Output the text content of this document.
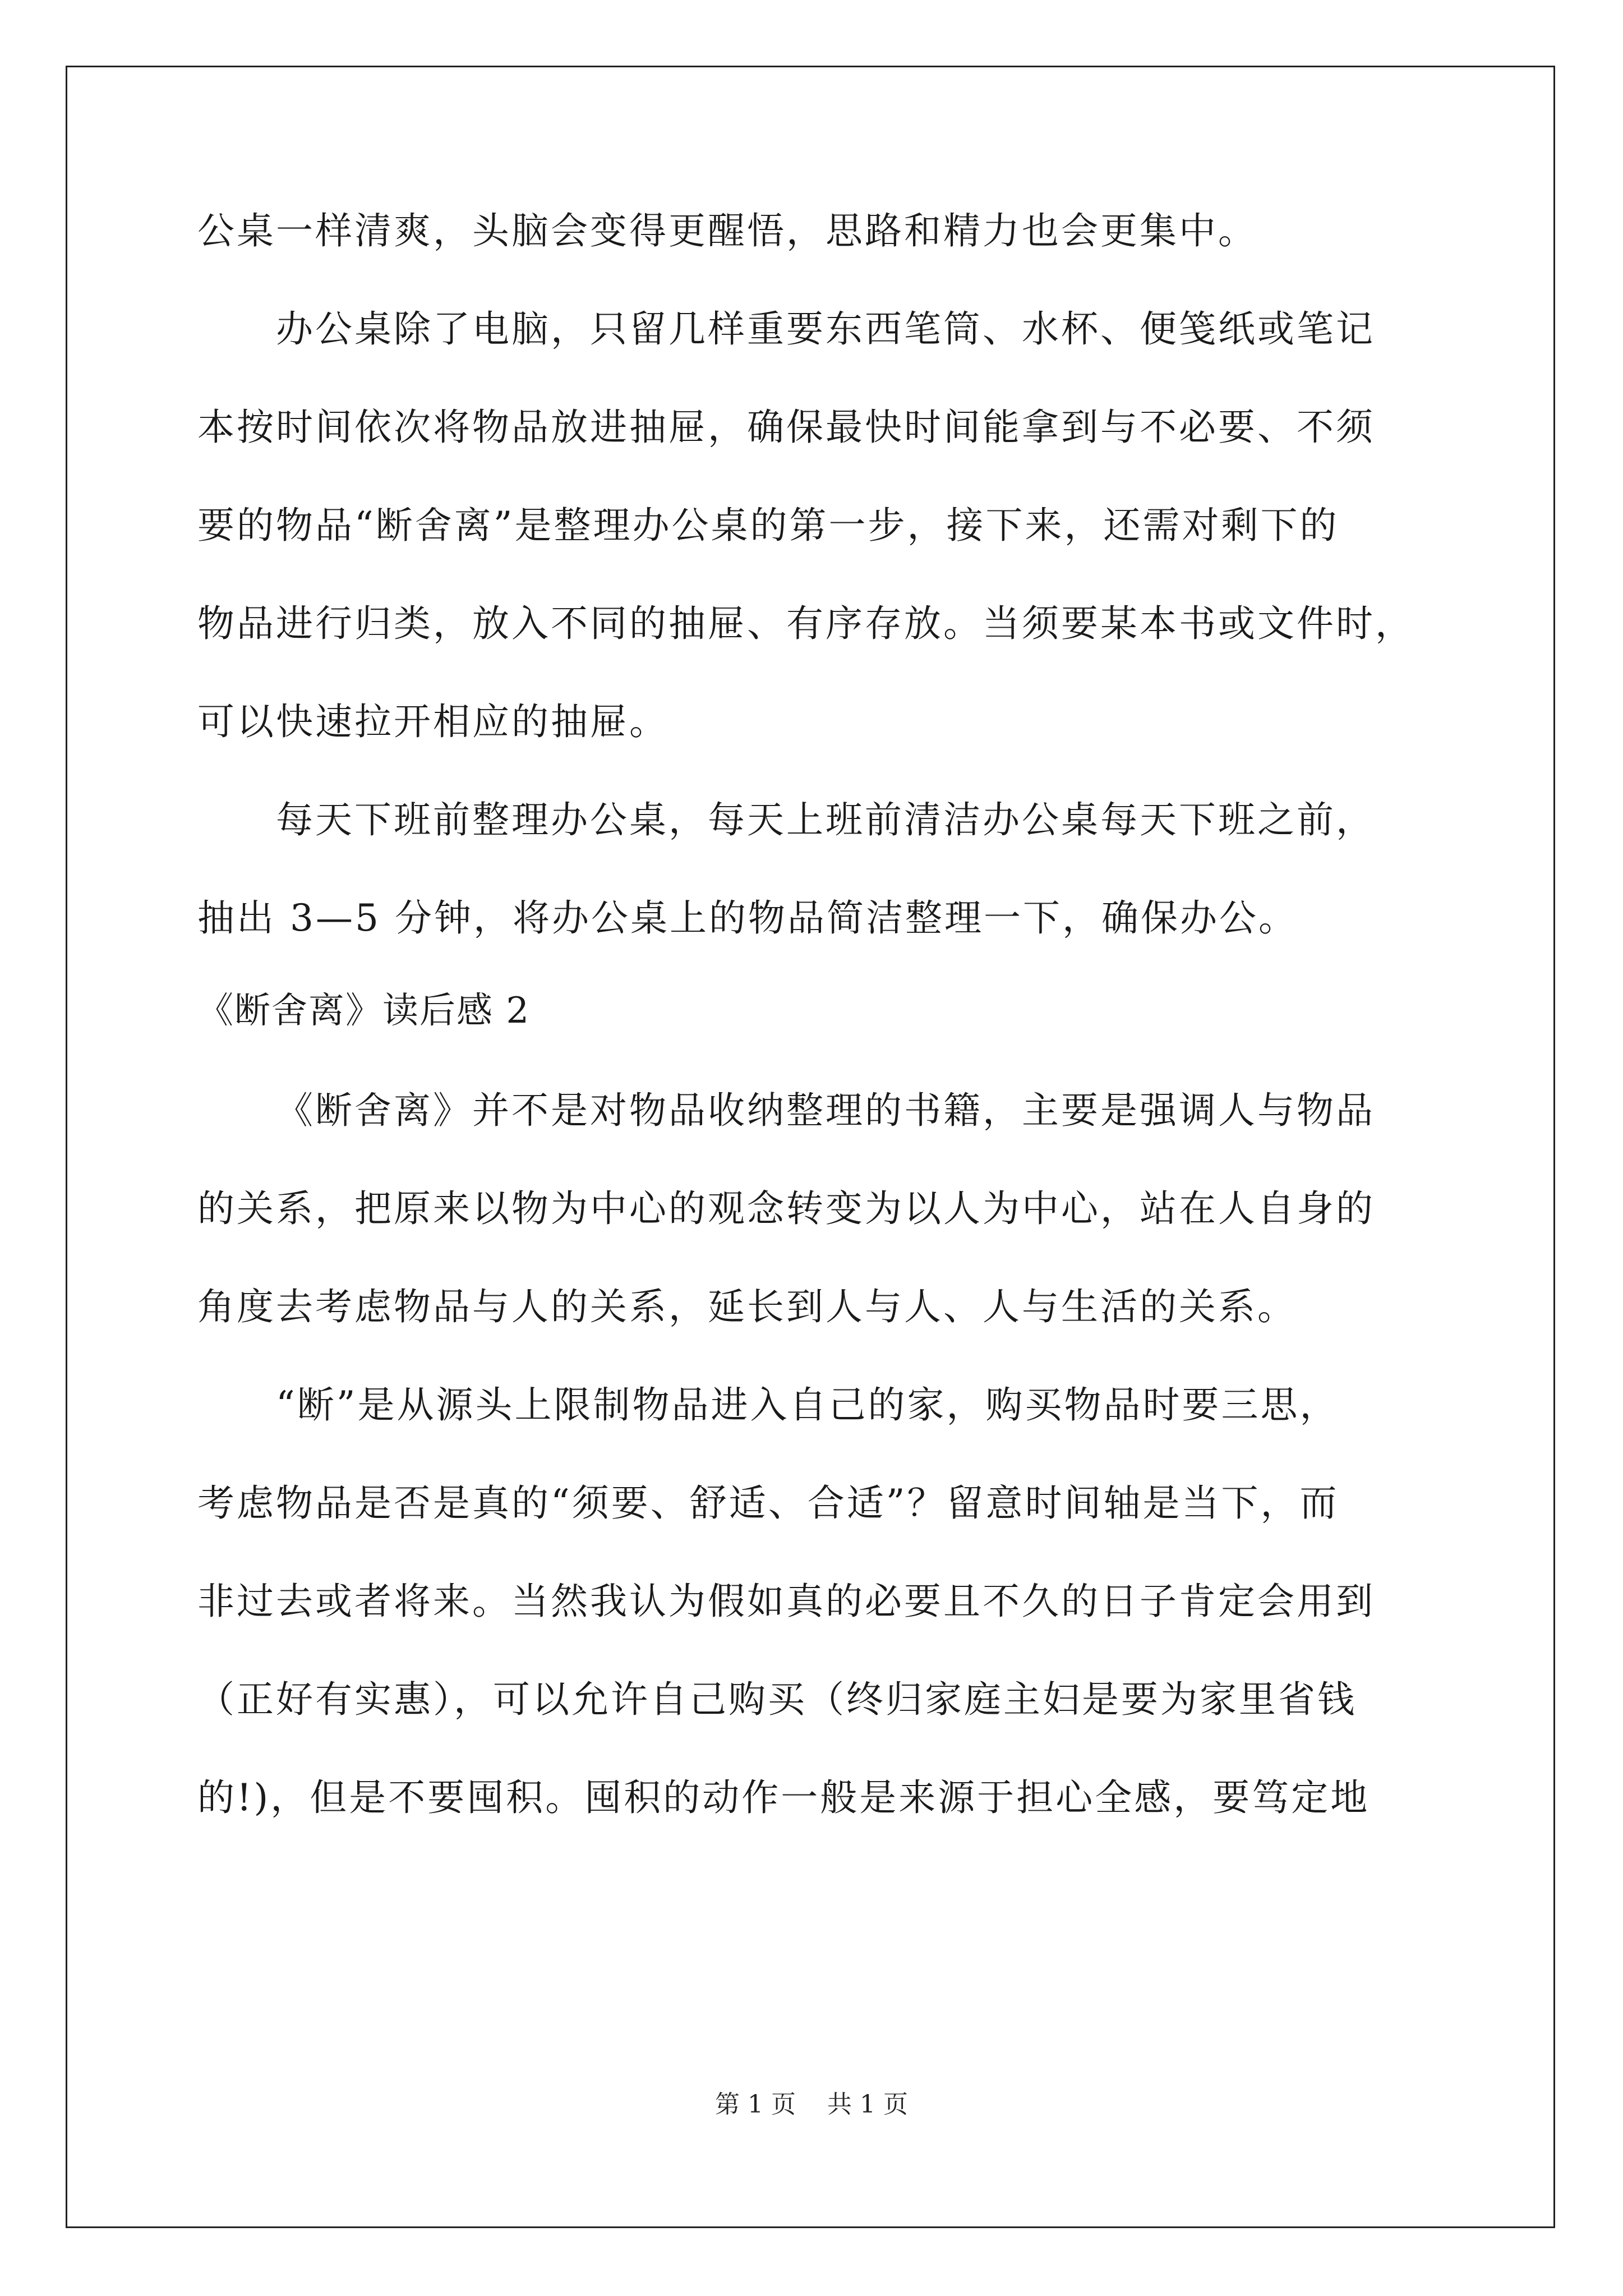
公桌一样清爽，头脑会变得更醒悟，思路和精力也会更集中。
办公桌除了电脑，只留几样重要东西笔筒、水杯、便笺纸或笔记
本按时间依次将物品放进抽屉，确保最快时间能拿到与不必要、不须
要的物品“断舍离”是整理办公桌的第一步，接下来，还需对剩下的
物品进行归类，放入不同的抽屉、有序存放。当须要某本书或文件时，
可以快速拉开相应的抽屉。
每天下班前整理办公桌，每天上班前清洁办公桌每天下班之前，
抽出 3—5 分钟，将办公桌上的物品简洁整理一下，确保办公。
《断舍离》读后感 2
《断舍离》并不是对物品收纳整理的书籍，主要是强调人与物品
的关系，把原来以物为中心的观念转变为以人为中心，站在人自身的
角度去考虑物品与人的关系，延长到人与人、人与生活的关系。
“断”是从源头上限制物品进入自己的家，购买物品时要三思，
考虑物品是否是真的“须要、舒适、合适”？留意时间轴是当下，而
非过去或者将来。当然我认为假如真的必要且不久的日子肯定会用到
（正好有实惠），可以允许自己购买（终归家庭主妇是要为家里省钱
的!)，但是不要囤积。囤积的动作一般是来源于担心全感，要笃定地
第 1 页 共 1 页
